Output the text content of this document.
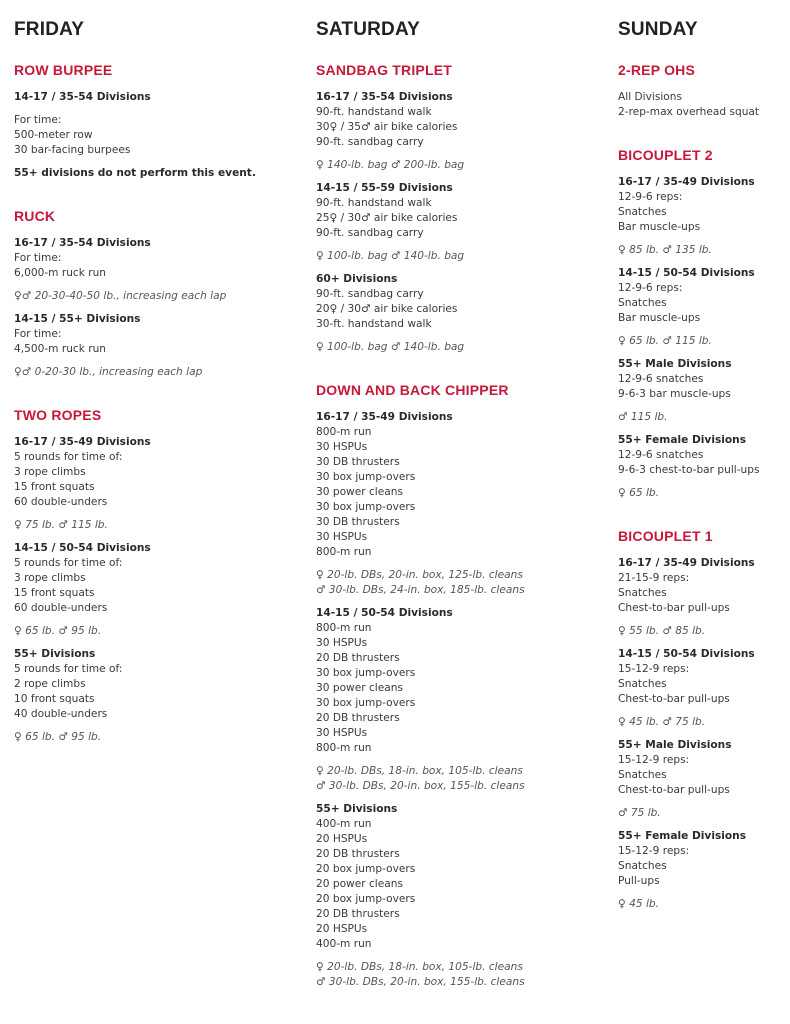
FRIDAY
ROW BURPEE

14-17 / 35-54 Divisions

For time:

500-meter row

30 bar-facing burpees

55+ divisions do not perform this event.

RUCK

16-17 / 35-54 Divisions

For time:

6,000-m ruck run

♀♂ 20-30-40-50 lb., increasing each lap

14-15 / 55+ Divisions

For time:

4,500-m ruck run

♀♂ 0-20-30 lb., increasing each lap

TWO ROPES

16-17 / 35-49 Divisions

5 rounds for time of:

3 rope climbs

15 front squats

60 double-unders

♀ 75 lb. ♂ 115 lb.

14-15 / 50-54 Divisions

5 rounds for time of:

3 rope climbs

15 front squats

60 double-unders

♀ 65 lb. ♂ 95 lb.

55+ Divisions

5 rounds for time of:

2 rope climbs

10 front squats

40 double-unders

♀ 65 lb. ♂ 95 lb.

SATURDAY
SANDBAG TRIPLET

16-17 / 35-54 Divisions

90-ft. handstand walk

30♀ / 35♂ air bike calories

90-ft. sandbag carry

♀ 140-lb. bag ♂ 200-lb. bag

14-15 / 55-59 Divisions

90-ft. handstand walk

25♀ / 30♂ air bike calories

90-ft. sandbag carry

♀ 100-lb. bag ♂ 140-lb. bag

60+ Divisions

90-ft. sandbag carry

20♀ / 30♂ air bike calories

30-ft. handstand walk

♀ 100-lb. bag ♂ 140-lb. bag

DOWN AND BACK CHIPPER

16-17 / 35-49 Divisions

800-m run

30 HSPUs

30 DB thrusters

30 box jump-overs

30 power cleans

30 box jump-overs

30 DB thrusters

30 HSPUs

800-m run

♀ 20-lb. DBs, 20-in. box, 125-lb. cleans

♂ 30-lb. DBs, 24-in. box, 185-lb. cleans

14-15 / 50-54 Divisions

800-m run

30 HSPUs

20 DB thrusters

30 box jump-overs

30 power cleans

30 box jump-overs

20 DB thrusters

30 HSPUs

800-m run

♀ 20-lb. DBs, 18-in. box, 105-lb. cleans

♂ 30-lb. DBs, 20-in. box, 155-lb. cleans

55+ Divisions

400-m run

20 HSPUs

20 DB thrusters

20 box jump-overs

20 power cleans

20 box jump-overs

20 DB thrusters

20 HSPUs

400-m run

♀ 20-lb. DBs, 18-in. box, 105-lb. cleans

♂ 30-lb. DBs, 20-in. box, 155-lb. cleans

SUNDAY
2-REP OHS

All Divisions

2-rep-max overhead squat

BICOUPLET 2

16-17 / 35-49 Divisions

12-9-6 reps:

Snatches

Bar muscle-ups

♀ 85 lb. ♂ 135 lb.

14-15 / 50-54 Divisions

12-9-6 reps:

Snatches

Bar muscle-ups

♀ 65 lb. ♂ 115 lb.

55+ Male Divisions

12-9-6 snatches

9-6-3 bar muscle-ups

♂ 115 lb.

55+ Female Divisions

12-9-6 snatches

9-6-3 chest-to-bar pull-ups

♀ 65 lb.

BICOUPLET 1

16-17 / 35-49 Divisions

21-15-9 reps:

Snatches

Chest-to-bar pull-ups

♀ 55 lb. ♂ 85 lb.

14-15 / 50-54 Divisions

15-12-9 reps:

Snatches

Chest-to-bar pull-ups

♀ 45 lb. ♂ 75 lb.

55+ Male Divisions

15-12-9 reps:

Snatches

Chest-to-bar pull-ups

♂ 75 lb.

55+ Female Divisions

15-12-9 reps:

Snatches

Pull-ups

♀ 45 lb.
